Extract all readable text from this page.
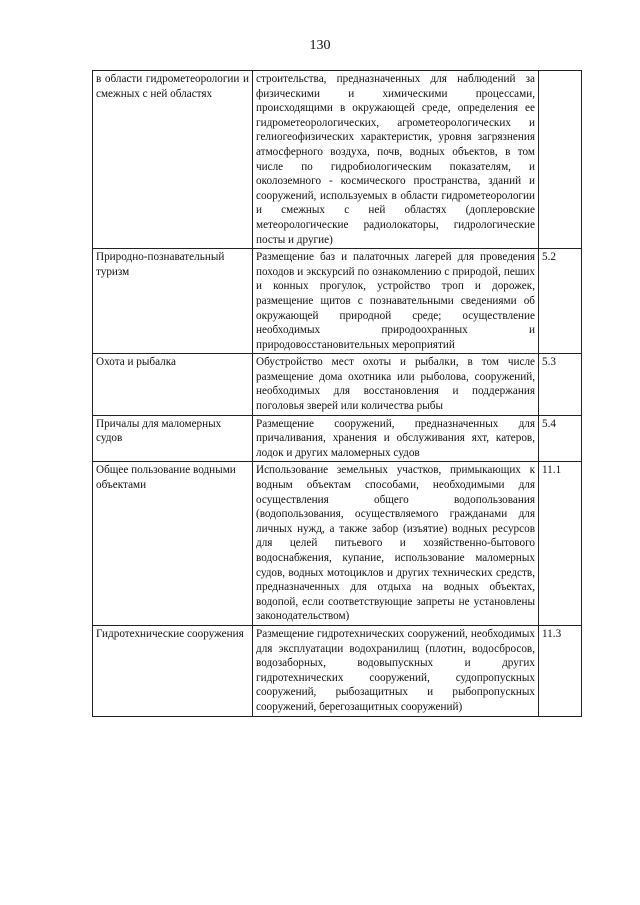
130
в области гидрометеорологии и смежных с ней областях	строительства, предназначенных для наблюдений за физическими и химическими процессами, происходящими в окружающей среде, определения ее гидрометеорологических, агрометеорологических и гелиогеофизических характеристик, уровня загрязнения атмосферного воздуха, почв, водных объектов, в том числе по гидробиологическим показателям, и околоземного - космического пространства, зданий и сооружений, используемых в области гидрометеорологии и смежных с ней областях (доплеровские метеорологические радиолокаторы, гидрологические посты и другие)	
Природно-познавательный туризм	Размещение баз и палаточных лагерей для проведения походов и экскурсий по ознакомлению с природой, пеших и конных прогулок, устройство троп и дорожек, размещение щитов с познавательными сведениями об окружающей природной среде; осуществление необходимых природоохранных и природовосстановительных мероприятий	5.2
Охота и рыбалка	Обустройство мест охоты и рыбалки, в том числе размещение дома охотника или рыболова, сооружений, необходимых для восстановления и поддержания поголовья зверей или количества рыбы	5.3
Причалы для маломерных судов	Размещение сооружений, предназначенных для причаливания, хранения и обслуживания яхт, катеров, лодок и других маломерных судов	5.4
Общее пользование водными объектами	Использование земельных участков, примыкающих к водным объектам способами, необходимыми для осуществления общего водопользования (водопользования, осуществляемого гражданами для личных нужд, а также забор (изъятие) водных ресурсов для целей питьевого и хозяйственно-бытового водоснабжения, купание, использование маломерных судов, водных мотоциклов и других технических средств, предназначенных для отдыха на водных объектах, водопой, если соответствующие запреты не установлены законодательством)	11.1
Гидротехнические сооружения	Размещение гидротехнических сооружений, необходимых для эксплуатации водохранилищ (плотин, водосбросов, водозаборных, водовыпускных и других гидротехнических сооружений, судопропускных сооружений, рыбозащитных и рыбопропускных сооружений, берегозащитных сооружений)	11.3
